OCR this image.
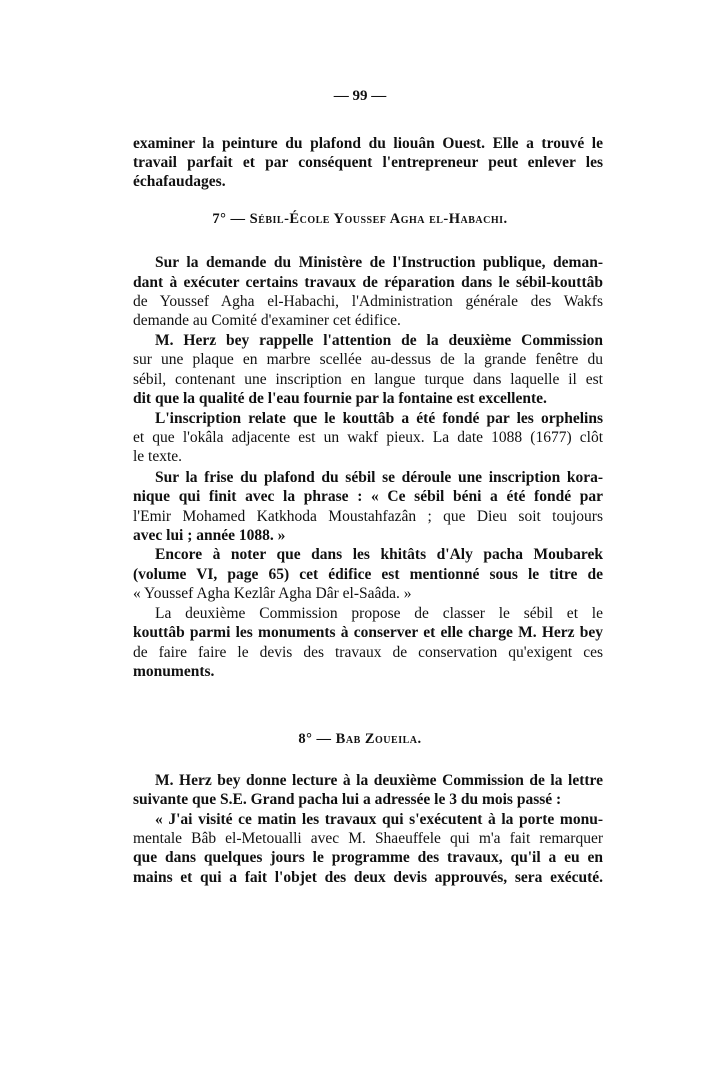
— 99 —
examiner la peinture du plafond du liouân Ouest. Elle a trouvé le
travail parfait et par conséquent l'entrepreneur peut enlever les
échafaudages.
7° — Sébil-École Youssef Agha el-Habachi.
Sur la demande du Ministère de l'Instruction publique, deman-
dant à exécuter certains travaux de réparation dans le sébil-kouttâb
de Youssef Agha el-Habachi, l'Administration générale des Wakfs
demande au Comité d'examiner cet édifice.
M. Herz bey rappelle l'attention de la deuxième Commission
sur une plaque en marbre scellée au-dessus de la grande fenêtre du
sébil, contenant une inscription en langue turque dans laquelle il est
dit que la qualité de l'eau fournie par la fontaine est excellente.
L'inscription relate que le kouttâb a été fondé par les orphelins
et que l'okâla adjacente est un wakf pieux. La date 1088 (1677) clôt
le texte.
Sur la frise du plafond du sébil se déroule une inscription kora-
nique qui finit avec la phrase : « Ce sébil béni a été fondé par
l'Emir Mohamed Katkhoda Moustahfazân ; que Dieu soit toujours
avec lui ; année 1088. »
Encore à noter que dans les khitâts d'Aly pacha Moubarek
(volume VI, page 65) cet édifice est mentionné sous le titre de
« Youssef Agha Kezlâr Agha Dâr el-Saâda. »
La deuxième Commission propose de classer le sébil et le
kouttâb parmi les monuments à conserver et elle charge M. Herz bey
de faire faire le devis des travaux de conservation qu'exigent ces
monuments.
8° — Bab Zoueila.
M. Herz bey donne lecture à la deuxième Commission de la lettre
suivante que S.E. Grand pacha lui a adressée le 3 du mois passé :
« J'ai visité ce matin les travaux qui s'exécutent à la porte monu-
mentale Bâb el-Metoualli avec M. Shaeuffele qui m'a fait remarquer
que dans quelques jours le programme des travaux, qu'il a eu en
mains et qui a fait l'objet des deux devis approuvés, sera exécuté.
